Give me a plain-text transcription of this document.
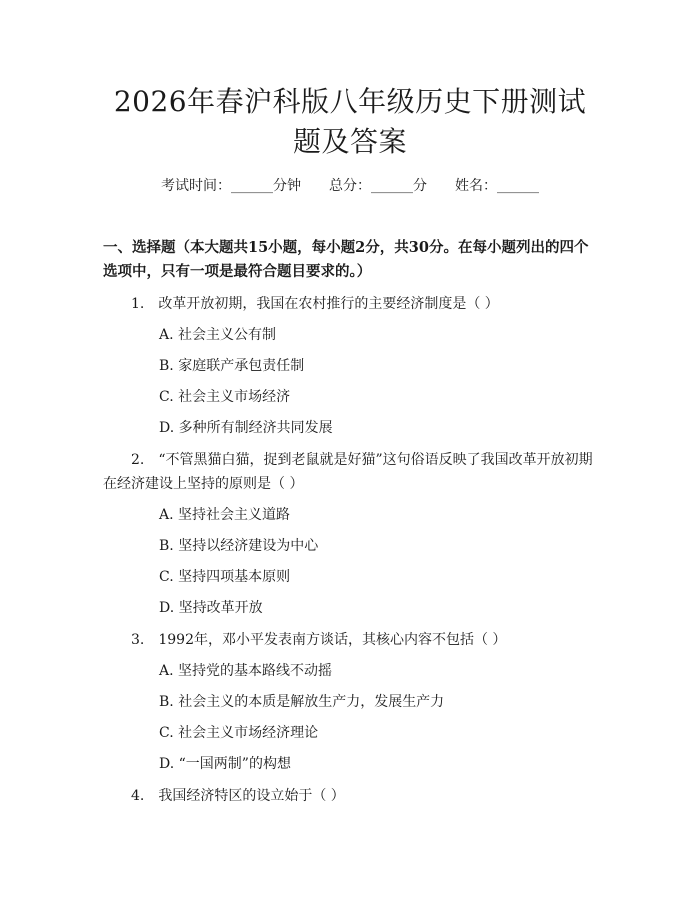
2026年春沪科版八年级历史下册测试题及答案
考试时间：______分钟　　总分：______分　　姓名：______
一、选择题（本大题共15小题，每小题2分，共30分。在每小题列出的四个选项中，只有一项是最符合题目要求的。）
1.　改革开放初期，我国在农村推行的主要经济制度是（ ）
A. 社会主义公有制
B. 家庭联产承包责任制
C. 社会主义市场经济
D. 多种所有制经济共同发展
2.　“不管黑猫白猫，捉到老鼠就是好猫”这句俗语反映了我国改革开放初期在经济建设上坚持的原则是（ ）
A. 坚持社会主义道路
B. 坚持以经济建设为中心
C. 坚持四项基本原则
D. 坚持改革开放
3.　1992年，邓小平发表南方谈话，其核心内容不包括（ ）
A. 坚持党的基本路线不动摇
B. 社会主义的本质是解放生产力，发展生产力
C. 社会主义市场经济理论
D. “一国两制”的构想
4.　我国经济特区的设立始于（ ）
